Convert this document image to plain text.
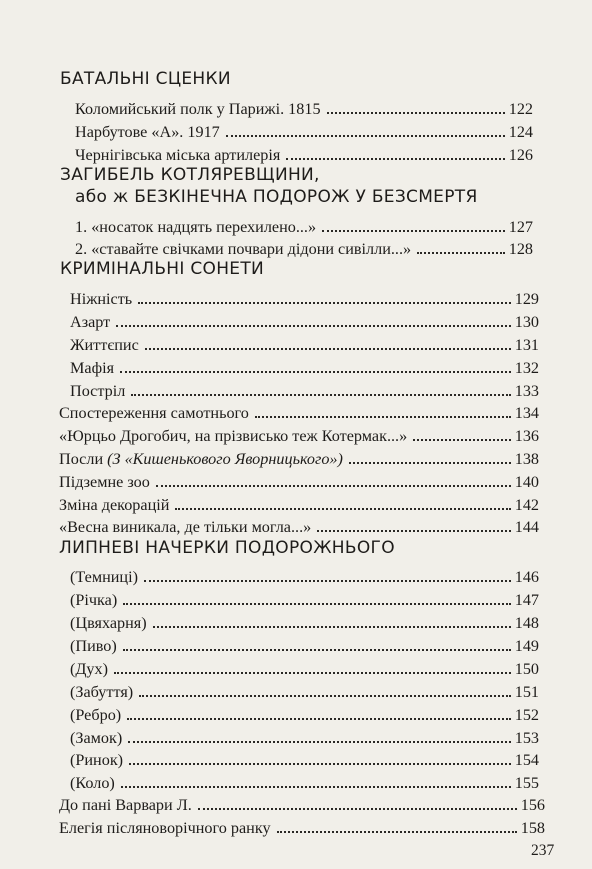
БАТАЛЬНІ СЦЕНКИ
Коломийський полк у Парижі. 1815	122
Нарбутове «А». 1917	124
Чернігівська міська артилерія	126
ЗАГИБЕЛЬ КОТЛЯРЕВЩИНИ,
або ж БЕЗКІНЕЧНА ПОДОРОЖ У БЕЗСМЕРТЯ
1. «носаток надцять перехилено...»	127
2. «ставайте свічками почвари дідони сивілли...»	128
КРИМІНАЛЬНІ СОНЕТИ
Ніжність	129
Азарт	130
Життєпис	131
Мафія	132
Постріл	133
Спостереження самотнього	134
«Юрцьо Дрогобич, на прізвисько теж Котермак...»	136
Посли (З «Кишенькового Яворницького»)	138
Підземне зоо	140
Зміна декорацій	142
«Весна виникала, де тільки могла...»	144
ЛИПНЕВІ НАЧЕРКИ ПОДОРОЖНЬОГО
(Темниці)	146
(Річка)	147
(Цвяхарня)	148
(Пиво)	149
(Дух)	150
(Забуття)	151
(Ребро)	152
(Замок)	153
(Ринок)	154
(Коло)	155
До пані Варвари Л.	156
Елегія післяноворічного ранку	158
237
